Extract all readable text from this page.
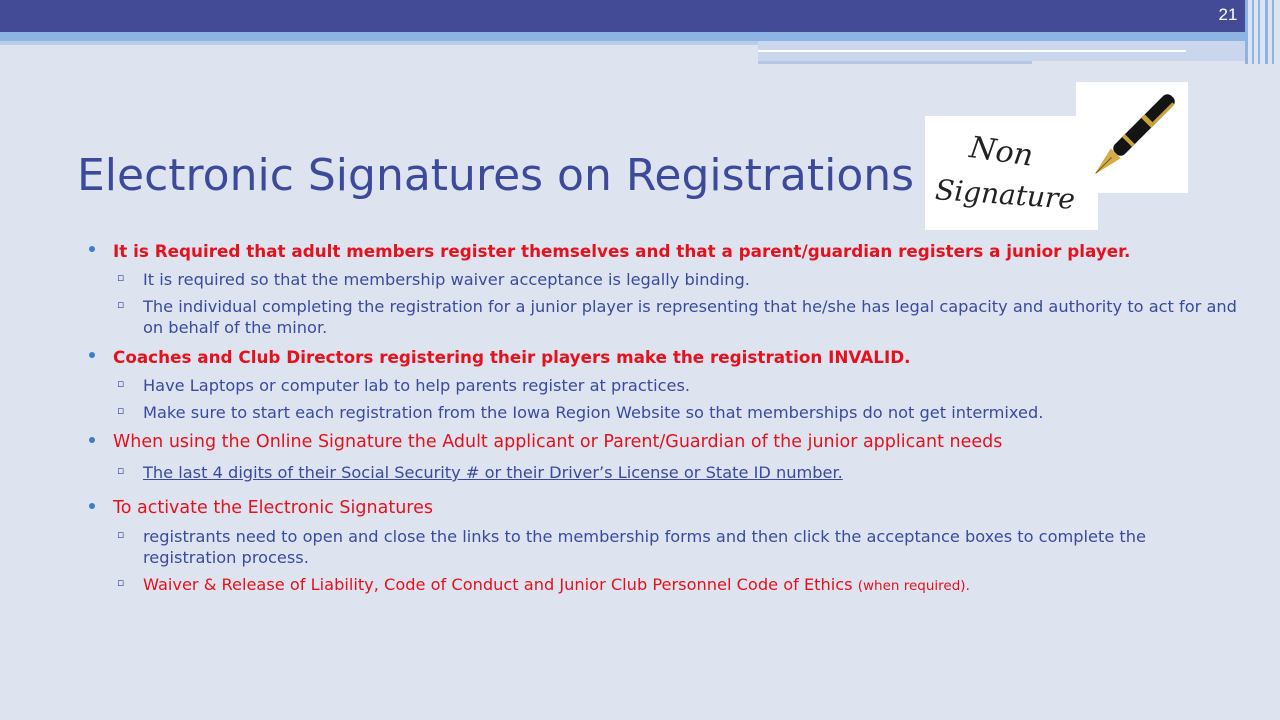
21
Electronic Signatures on Registrations Non
Signature
It is Required that adult members register themselves and that a parent/guardian registers a junior player.
▫ It is required so that the membership waiver acceptance is legally binding.
▫ The individual completing the registration for a junior player is representing that he/she has legal capacity and authority to act for and on behalf of the minor.
Coaches and Club Directors registering their players make the registration INVALID.
▫ Have Laptops or computer lab to help parents register at practices.
▫ Make sure to start each registration from the Iowa Region Website so that memberships do not get intermixed.
When using the Online Signature the Adult applicant or Parent/Guardian of the junior applicant needs
▫ The last 4 digits of their Social Security # or their Driver’s License or State ID number.
To activate the Electronic Signatures
▫ registrants need to open and close the links to the membership forms and then click the acceptance boxes to complete the registration process.
▫ Waiver & Release of Liability, Code of Conduct and Junior Club Personnel Code of Ethics (when required).
